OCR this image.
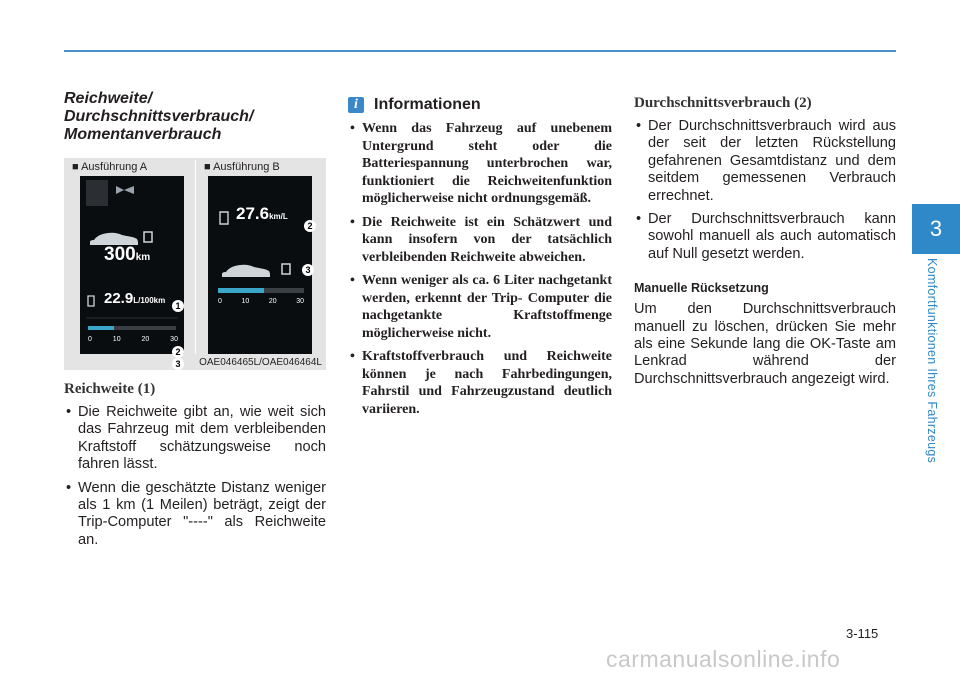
Reichweite/ Durchschnittsverbrauch/ Momentanverbrauch
■ Ausführung A	■ Ausführung B
300km
22.9L/100km
0	10	20	30
1
2
3
27.6km/L
0	10	20	30
2
3
OAE046465L/OAE046464L
Reichweite (1)
• Die Reichweite gibt an, wie weit sich das Fahrzeug mit dem verbleibenden Kraftstoff schätzungsweise noch fahren lässt.
• Wenn die geschätzte Distanz weniger als 1 km (1 Meilen) beträgt, zeigt der Trip-Computer "----" als Reichweite an.
i	Informationen
• Wenn das Fahrzeug auf unebenem Untergrund steht oder die Batteriespannung unterbrochen war, funktioniert die Reichweitenfunktion möglicherweise nicht ordnungsgemäß.
• Die Reichweite ist ein Schätzwert und kann insofern von der tatsächlich verbleibenden Reichweite abweichen.
• Wenn weniger als ca. 6 Liter nachgetankt werden, erkennt der Trip- Computer die nachgetankte Kraftstoffmenge möglicherweise nicht.
• Kraftstoffverbrauch und Reichweite können je nach Fahrbedingungen, Fahrstil und Fahrzeugzustand deutlich variieren.
Durchschnittsverbrauch (2)
• Der Durchschnittsverbrauch wird aus der seit der letzten Rückstellung gefahrenen Gesamtdistanz und dem seitdem gemessenen Verbrauch errechnet.
• Der Durchschnittsverbrauch kann sowohl manuell als auch automatisch auf Null gesetzt werden.
Manuelle Rücksetzung

Um den Durchschnittsverbrauch manuell zu löschen, drücken Sie mehr als eine Sekunde lang die OK-Taste am Lenkrad während der Durchschnittsverbrauch angezeigt wird.

3
Komfortfunktionen Ihres Fahrzeugs
3-115
carmanualsonline.info
